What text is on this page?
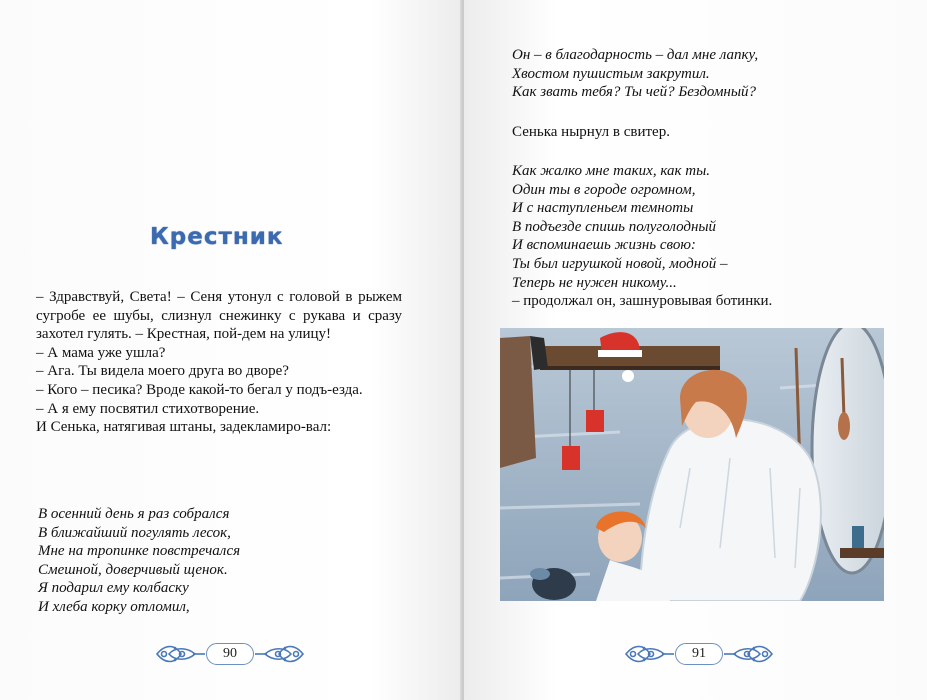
Крестник

– Здравствуй, Света! – Сеня утонул с головой в рыжем сугробе ее шубы, слизнул снежинку с рукава и сразу захотел гулять. – Крестная, пой-дем на улицу!

– А мама уже ушла?

– Ага. Ты видела моего друга во дворе?

– Кого – песика? Вроде какой-то бегал у подъ-езда.

– А я ему посвятил стихотворение.

И Сенька, натягивая штаны, задекламиро-вал:

В осенний день я раз собрался
В ближайший погулять лесок,
Мне на тропинке повстречался
Смешной, доверчивый щенок.
Я подарил ему колбаску
И хлеба корку отломил,
90
Он – в благодарность – дал мне лапку,
Хвостом пушистым закрутил.
Как звать тебя? Ты чей? Бездомный?
Сенька нырнул в свитер.
Как жалко мне таких, как ты.
Один ты в городе огромном,
И с наступленьем темноты
В подъезде спишь полуголодный
И вспоминаешь жизнь свою:
Ты был игрушкой новой, модной –
Теперь не нужен никому...
– продолжал он, зашнуровывая ботинки.
91
